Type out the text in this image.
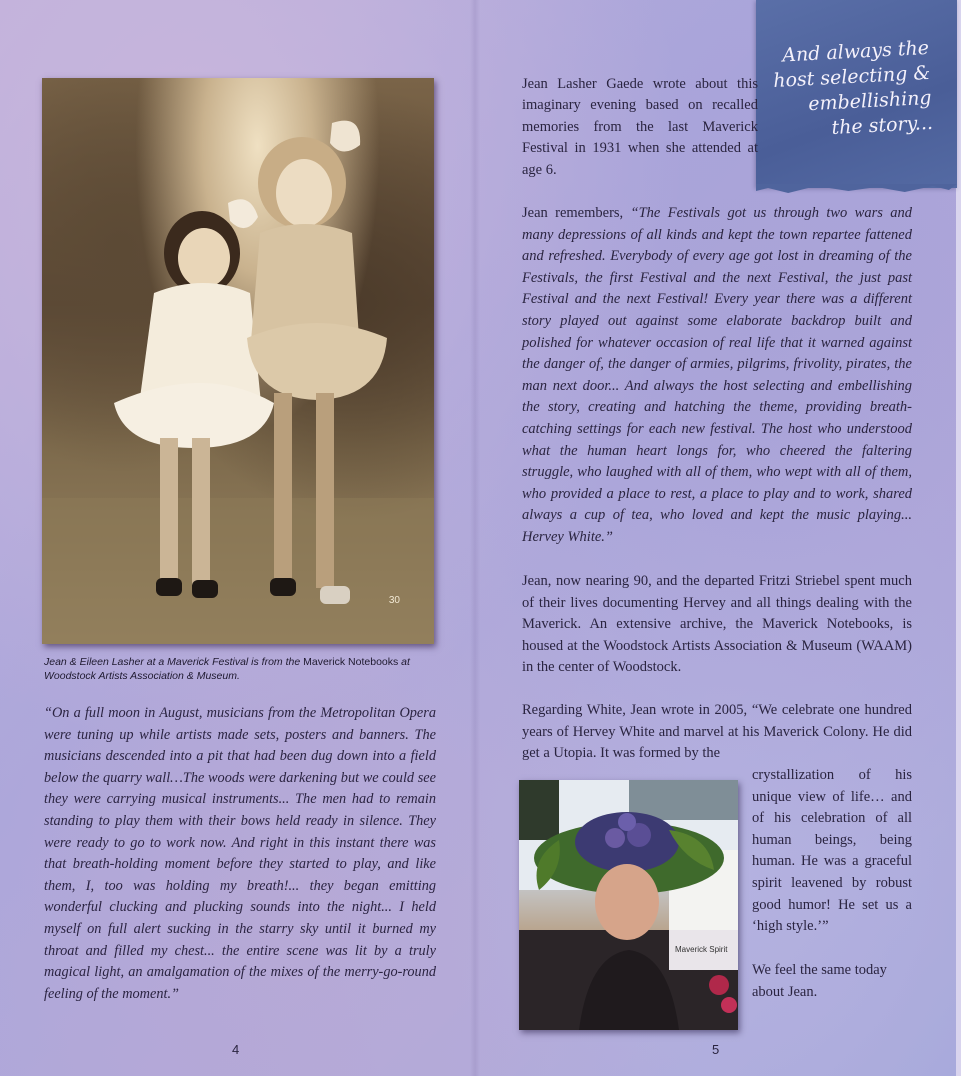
30
Jean & Eileen Lasher at a Maverick Festival is from the Maverick Notebooks at Woodstock Artists Association & Museum.

“On a full moon in August, musicians from the Metropolitan Opera were tuning up while artists made sets, posters and banners. The musicians descended into a pit that had been dug down into a field below the quarry wall…The woods were darkening but we could see they were carrying musical instruments... The men had to remain standing to play them with their bows held ready in silence. They were ready to go to work now. And right in this instant there was that breath-holding moment before they started to play, and like them, I, too was holding my breath!... they began emitting wonderful clucking and plucking sounds into the night... I held myself on full alert sucking in the starry sky until it burned my throat and filled my chest... the entire scene was lit by a truly magical light, an amalgamation of the mixes of the merry-go-round feeling of the moment.”

4	5

And always the host selecting & embellishing the story...

Jean Lasher Gaede wrote about this imaginary evening based on recalled memories from the last Maverick Festival in 1931 when she attended at age 6.

Jean remembers, “The Festivals got us through two wars and many depressions of all kinds and kept the town repartee fattened and refreshed. Everybody of every age got lost in dreaming of the Festivals, the first Festival and the next Festival, the just past Festival and the next Festival! Every year there was a different story played out against some elaborate backdrop built and polished for whatever occasion of real life that it warned against the danger of, the danger of armies, pilgrims, frivolity, pirates, the man next door... And always the host selecting and embellishing the story, creating and hatching the theme, providing breath-catching settings for each new festival. The host who understood what the human heart longs for, who cheered the faltering struggle, who laughed with all of them, who wept with all of them, who provided a place to rest, a place to play and to work, shared always a cup of tea, who loved and kept the music playing... Hervey White.”

Jean, now nearing 90, and the departed Fritzi Striebel spent much of their lives documenting Hervey and all things dealing with the Maverick. An extensive archive, the Maverick Notebooks, is housed at the Woodstock Artists Association & Museum (WAAM) in the center of Woodstock.

Regarding White, Jean wrote in 2005, “We celebrate one hundred years of Hervey White and marvel at his Maverick Colony. He did get a Utopia. It was formed by the

Maverick Spirit

crystallization of his unique view of life… and of his celebration of all human beings, being human. He was a graceful spirit leavened by robust good humor! He set us a ‘high style.’”

We feel the same today about Jean.
